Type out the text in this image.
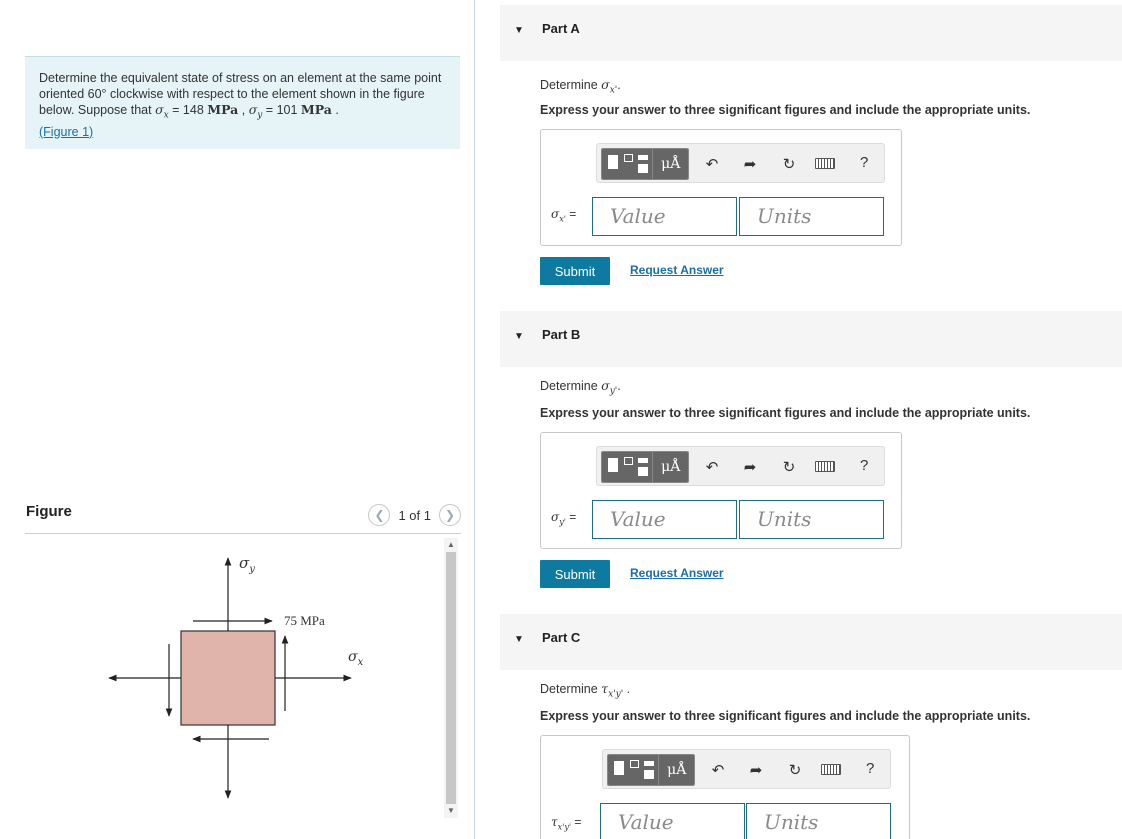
Determine the equivalent state of stress on an element at the same point oriented 60° clockwise with respect to the element shown in the figure below. Suppose that $\sigma_x = 148$ MPa , $\sigma_y = 101$ MPa .
(Figure 1)
Figure	❮ 1 of 1 ❯
$\sigma_y$
75 MPa
$\sigma_x$
▲
▼
▼ Part A
Determine $\sigma_{x'}$.
Express your answer to three significant figures and include the appropriate units.
μÅ	↶	➦	↻	?
$\sigma_{x'}$ =	Value	Units
Submit	Request Answer
▼ Part B
Determine $\sigma_{y'}$.
Express your answer to three significant figures and include the appropriate units.
μÅ	↶	➦	↻	?
$\sigma_{y'}$ =	Value	Units
Submit	Request Answer
▼ Part C
Determine $\tau_{x'y'}$ .
Express your answer to three significant figures and include the appropriate units.
μÅ	↶	➦	↻	?
$\tau_{x'y'}$ =	Value	Units
